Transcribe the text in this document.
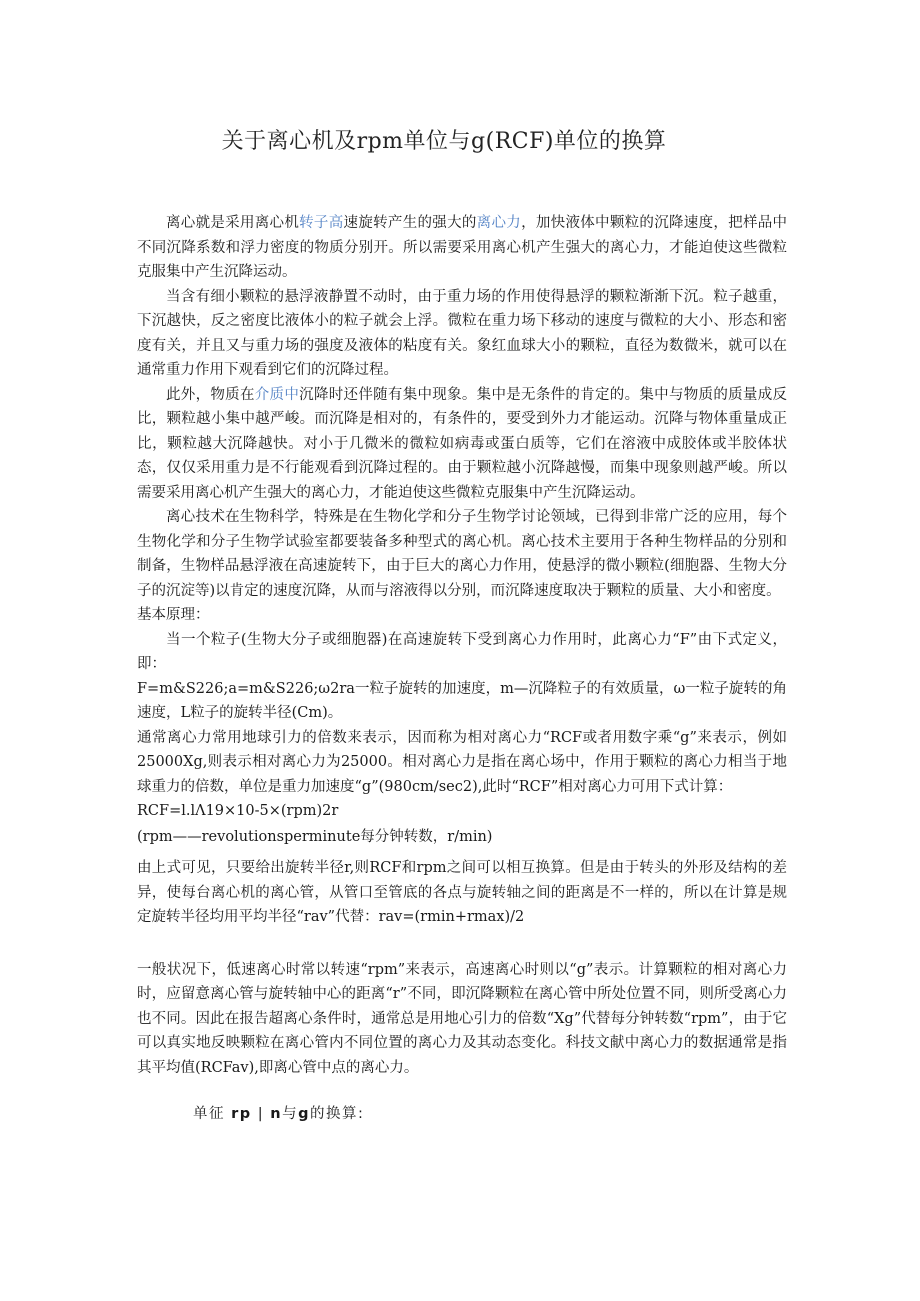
关于离心机及rpm单位与g(RCF)单位的换算

离心就是采用离心机转子高速旋转产生的强大的离心力，加快液体中颗粒的沉降速度，把样品中不同沉降系数和浮力密度的物质分别开。所以需要采用离心机产生强大的离心力，才能迫使这些微粒克服集中产生沉降运动。

当含有细小颗粒的悬浮液静置不动时，由于重力场的作用使得悬浮的颗粒渐渐下沉。粒子越重，下沉越快，反之密度比液体小的粒子就会上浮。微粒在重力场下移动的速度与微粒的大小、形态和密度有关，并且又与重力场的强度及液体的粘度有关。象红血球大小的颗粒，直径为数微米，就可以在通常重力作用下观看到它们的沉降过程。

此外，物质在介质中沉降时还伴随有集中现象。集中是无条件的肯定的。集中与物质的质量成反比，颗粒越小集中越严峻。而沉降是相对的，有条件的，要受到外力才能运动。沉降与物体重量成正比，颗粒越大沉降越快。对小于几微米的微粒如病毒或蛋白质等，它们在溶液中成胶体或半胶体状态，仅仅采用重力是不行能观看到沉降过程的。由于颗粒越小沉降越慢，而集中现象则越严峻。所以需要采用离心机产生强大的离心力，才能迫使这些微粒克服集中产生沉降运动。

离心技术在生物科学，特殊是在生物化学和分子生物学讨论领域，已得到非常广泛的应用，每个生物化学和分子生物学试验室都要装备多种型式的离心机。离心技术主要用于各种生物样品的分别和制备，生物样品悬浮液在高速旋转下，由于巨大的离心力作用，使悬浮的微小颗粒(细胞器、生物大分子的沉淀等)以肯定的速度沉降，从而与溶液得以分别，而沉降速度取决于颗粒的质量、大小和密度。

基本原理：

当一个粒子(生物大分子或细胞器)在高速旋转下受到离心力作用时，此离心力“F”由下式定义，即：

F=m&S226;a=m&S226;ω2ra一粒子旋转的加速度，m—沉降粒子的有效质量，ω一粒子旋转的角速度，L粒子的旋转半径(Cm)。

通常离心力常用地球引力的倍数来表示，因而称为相对离心力“RCF或者用数字乘“g”来表示，例如25000Xg,则表示相对离心力为25000。相对离心力是指在离心场中，作用于颗粒的离心力相当于地球重力的倍数，单位是重力加速度“g”(980cm∕sec2),此时“RCF”相对离心力可用下式计算：

RCF=l.lΛ19×10-5×(rpm)2r

(rpm——revolutionsperminute每分钟转数，r/min)

由上式可见，只要给出旋转半径r,则RCF和rpm之间可以相互换算。但是由于转头的外形及结构的差异，使每台离心机的离心管，从管口至管底的各点与旋转轴之间的距离是不一样的，所以在计算是规定旋转半径均用平均半径“rav”代替：rav=(rmin+rmax)/2

一般状况下，低速离心时常以转速“rpm”来表示，高速离心时则以“g”表示。计算颗粒的相对离心力时，应留意离心管与旋转轴中心的距离“r”不同，即沉降颗粒在离心管中所处位置不同，则所受离心力也不同。因此在报告超离心条件时，通常总是用地心引力的倍数“Xg”代替每分钟转数“rpm”，由于它可以真实地反映颗粒在离心管内不同位置的离心力及其动态变化。科技文献中离心力的数据通常是指其平均值(RCFav),即离心管中点的离心力。

单征 rp | n与g的换算:
